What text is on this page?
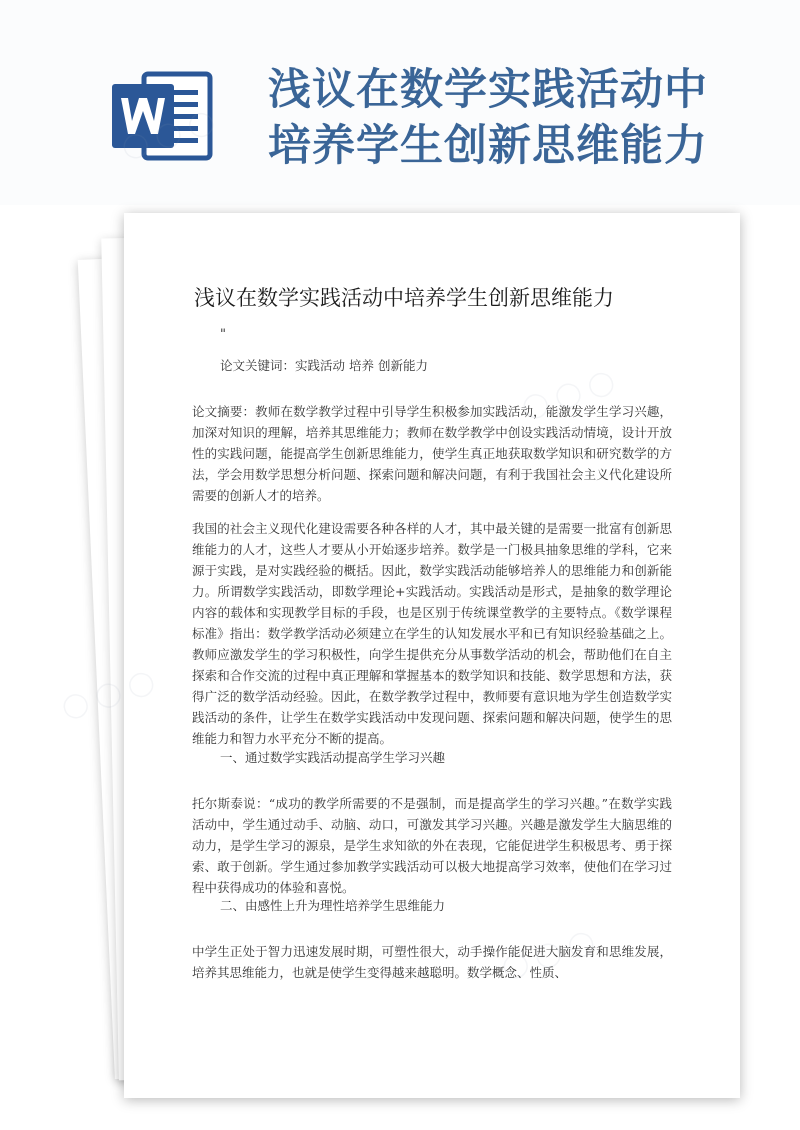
浅议在数学实践活动中
培养学生创新思维能力
浅议在数学实践活动中培养学生创新思维能力
"

论文关键词：实践活动 培养 创新能力

论文摘要：教师在数学教学过程中引导学生积极参加实践活动，能激发学生学习兴趣，加深对知识的理解，培养其思维能力；教师在数学教学中创设实践活动情境，设计开放性的实践问题，能提高学生创新思维能力，使学生真正地获取数学知识和研究数学的方法，学会用数学思想分析问题、探索问题和解决问题，有利于我国社会主义代化建设所需要的创新人才的培养。

我国的社会主义现代化建设需要各种各样的人才，其中最关键的是需要一批富有创新思维能力的人才，这些人才要从小开始逐步培养。数学是一门极具抽象思维的学科，它来源于实践，是对实践经验的概括。因此，数学实践活动能够培养人的思维能力和创新能力。所谓数学实践活动，即数学理论+实践活动。实践活动是形式，是抽象的数学理论内容的载体和实现教学目标的手段，也是区别于传统课堂教学的主要特点。《数学课程标准》指出：数学教学活动必须建立在学生的认知发展水平和已有知识经验基础之上。教师应激发学生的学习积极性，向学生提供充分从事数学活动的机会，帮助他们在自主探索和合作交流的过程中真正理解和掌握基本的数学知识和技能、数学思想和方法，获得广泛的数学活动经验。因此，在数学教学过程中，教师要有意识地为学生创造数学实践活动的条件，让学生在数学实践活动中发现问题、探索问题和解决问题，使学生的思维能力和智力水平充分不断的提高。

一、通过数学实践活动提高学生学习兴趣

托尔斯泰说：“成功的教学所需要的不是强制，而是提高学生的学习兴趣。”在数学实践活动中，学生通过动手、动脑、动口，可激发其学习兴趣。兴趣是激发学生大脑思维的动力，是学生学习的源泉，是学生求知欲的外在表现，它能促进学生积极思考、勇于探索、敢于创新。学生通过参加教学实践活动可以极大地提高学习效率，使他们在学习过程中获得成功的体验和喜悦。

二、由感性上升为理性培养学生思维能力

中学生正处于智力迅速发展时期，可塑性很大，动手操作能促进大脑发育和思维发展，培养其思维能力，也就是使学生变得越来越聪明。数学概念、性质、

◯
